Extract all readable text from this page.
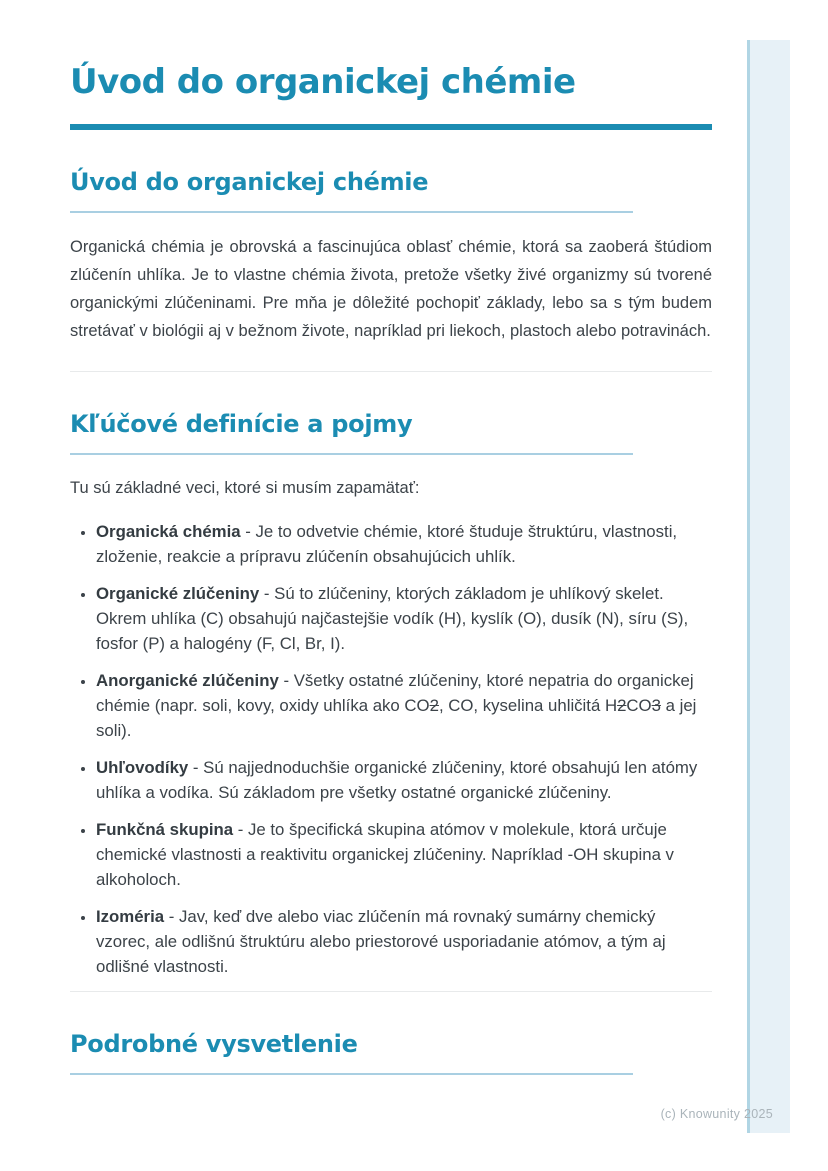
Úvod do organickej chémie
Úvod do organickej chémie

Organická chémia je obrovská a fascinujúca oblasť chémie, ktorá sa zaoberá štúdiom zlúčenín uhlíka. Je to vlastne chémia života, pretože všetky živé organizmy sú tvorené organickými zlúčeninami. Pre mňa je dôležité pochopiť základy, lebo sa s tým budem stretávať v biológii aj v bežnom živote, napríklad pri liekoch, plastoch alebo potravinách.

Kľúčové definície a pojmy

Tu sú základné veci, ktoré si musím zapamätať:

• Organická chémia - Je to odvetvie chémie, ktoré študuje štruktúru, vlastnosti, zloženie, reakcie a prípravu zlúčenín obsahujúcich uhlík.
• Organické zlúčeniny - Sú to zlúčeniny, ktorých základom je uhlíkový skelet. Okrem uhlíka (C) obsahujú najčastejšie vodík (H), kyslík (O), dusík (N), síru (S), fosfor (P) a halogény (F, Cl, Br, I).
• Anorganické zlúčeniny - Všetky ostatné zlúčeniny, ktoré nepatria do organickej chémie (napr. soli, kovy, oxidy uhlíka ako CO2, CO, kyselina uhličitá H2CO3 a jej soli).
• Uhľovodíky - Sú najjednoduchšie organické zlúčeniny, ktoré obsahujú len atómy uhlíka a vodíka. Sú základom pre všetky ostatné organické zlúčeniny.
• Funkčná skupina - Je to špecifická skupina atómov v molekule, ktorá určuje chemické vlastnosti a reaktivitu organickej zlúčeniny. Napríklad -OH skupina v alkoholoch.
• Izoméria - Jav, keď dve alebo viac zlúčenín má rovnaký sumárny chemický vzorec, ale odlišnú štruktúru alebo priestorové usporiadanie atómov, a tým aj odlišné vlastnosti.
Podrobné vysvetlenie
(c) Knowunity 2025
